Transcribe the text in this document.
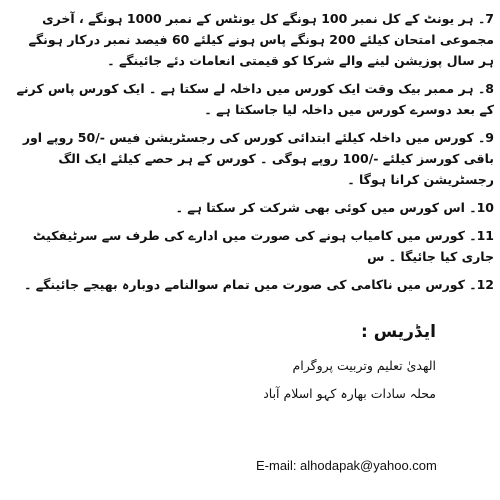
7۔ ہر یونٹ کے کل نمبر 100 ہونگے کل یونٹس کے نمبر 1000 ہونگے ، آخری مجموعی امتحان کیلئے 200 ہونگے پاس ہونے کیلئے 60 فیصد نمبر درکار ہونگے ہر سال پوزیشن لینے والے شرکا کو قیمتی انعامات دئے جائینگے ۔

8۔ ہر ممبر بیک وقت ایک کورس میں داخلہ لے سکتا ہے ۔ ایک کورس پاس کرنے کے بعد دوسرے کورس میں داخلہ لیا جاسکتا ہے ۔

9۔ کورس میں داخلہ کیلئے ابتدائی کورس کی رجسٹریشن فیس -/50 روپے اور باقی کورسز کیلئے -/100 روپے ہوگی ۔ کورس کے ہر حصے کیلئے ایک الگ رجسٹریشن کرانا ہوگا ۔

10۔ اس کورس میں کوئی بھی شرکت کر سکتا ہے ۔

11۔ کورس میں کامیاب ہونے کی صورت میں ادارے کی طرف سے سرٹیفکیٹ جاری کیا جائیگا ۔ س

12۔ کورس میں ناکامی کی صورت میں تمام سوالنامے دوبارہ بھیجے جائینگے ۔

ایڈریس :
الھدیٰ تعلیم وتربیت پروگرام
محلہ سادات بھارہ کہو اسلام آباد
E-mail: alhodapak@yahoo.com
